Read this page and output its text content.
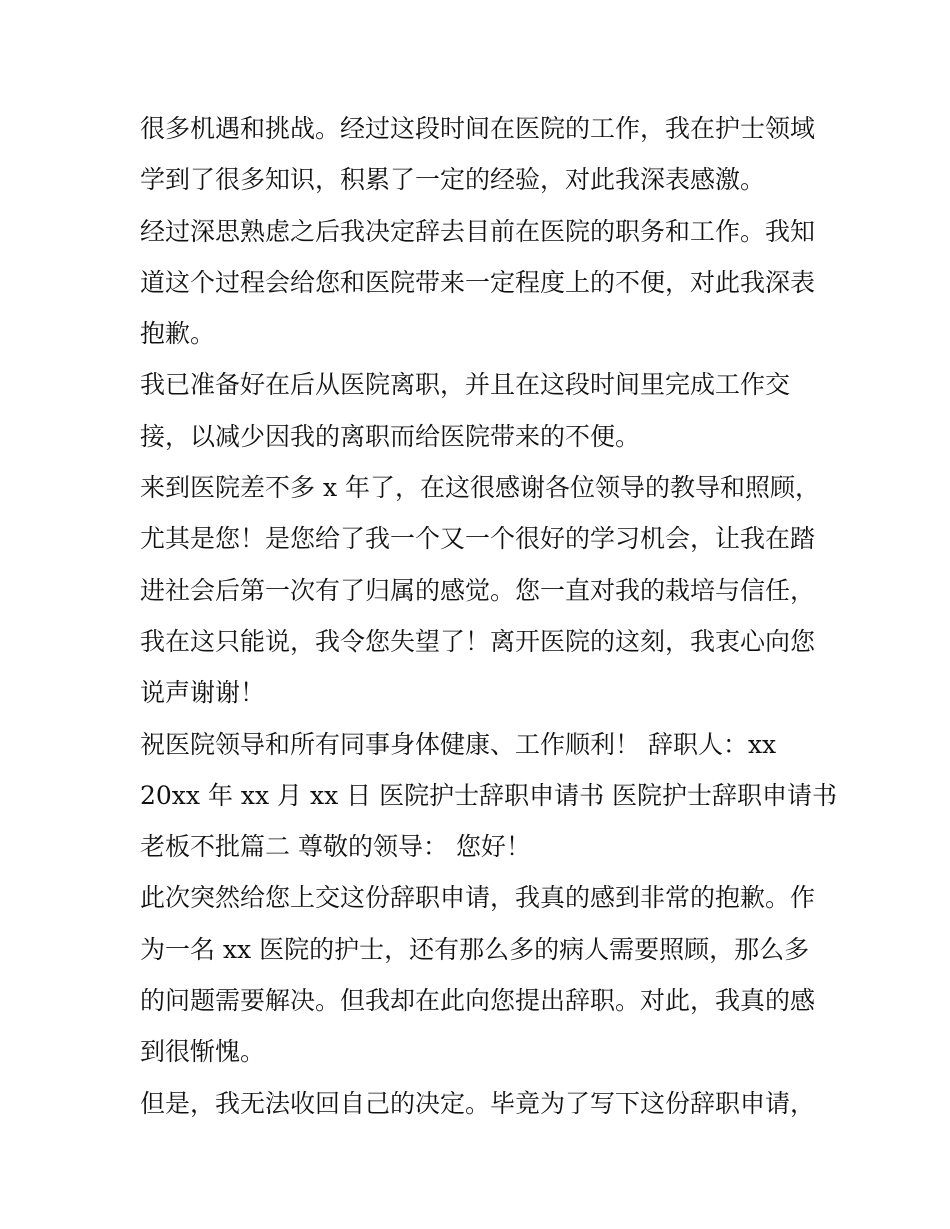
很多机遇和挑战。经过这段时间在医院的工作，我在护士领域
学到了很多知识，积累了一定的经验，对此我深表感激。
经过深思熟虑之后我决定辞去目前在医院的职务和工作。我知
道这个过程会给您和医院带来一定程度上的不便，对此我深表
抱歉。
我已准备好在后从医院离职，并且在这段时间里完成工作交
接，以减少因我的离职而给医院带来的不便。
来到医院差不多 x 年了，在这很感谢各位领导的教导和照顾，
尤其是您！是您给了我一个又一个很好的学习机会，让我在踏
进社会后第一次有了归属的感觉。您一直对我的栽培与信任，
我在这只能说，我令您失望了！离开医院的这刻，我衷心向您
说声谢谢！
祝医院领导和所有同事身体健康、工作顺利！ 辞职人：xx
20xx 年 xx 月 xx 日 医院护士辞职申请书 医院护士辞职申请书
老板不批篇二 尊敬的领导： 您好！
此次突然给您上交这份辞职申请，我真的感到非常的抱歉。作
为一名 xx 医院的护士，还有那么多的病人需要照顾，那么多
的问题需要解决。但我却在此向您提出辞职。对此，我真的感
到很惭愧。
但是，我无法收回自己的决定。毕竟为了写下这份辞职申请，
